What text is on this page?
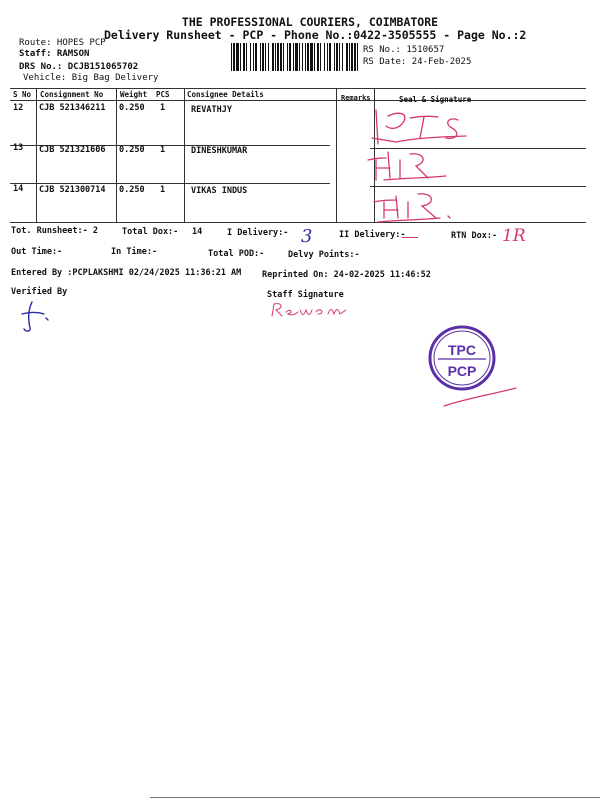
THE PROFESSIONAL COURIERS, COIMBATORE
Delivery Runsheet - PCP - Phone No.:0422-3505555 - Page No.:2
Route: HOPES PCP
Staff: RAMSON
DRS No.: DCJB151065702
Vehicle: Big Bag Delivery
RS No.: 1510657
RS Date: 24-Feb-2025
S No Consignment No Weight PCS Consignee Details	Remarks	Seal & Signature
12 CJB 521346211 0.250 1	REVATHJY
13 CJB 521321606 0.250 1	DINESHKUMAR
14 CJB 521300714 0.250 1	VIKAS INDUS
Tot. Runsheet:- 2	Total Dox:- 14	I Delivery:-	II Delivery:-	RTN Dox:-
3	1R
Out Time:-	In Time:-	Total POD:-	Delvy Points:-
Entered By :PCPLAKSHMI 02/24/2025 11:36:21 AM Reprinted On: 24-02-2025 11:46:52
Verified By	Staff Signature
TPC
PCP
